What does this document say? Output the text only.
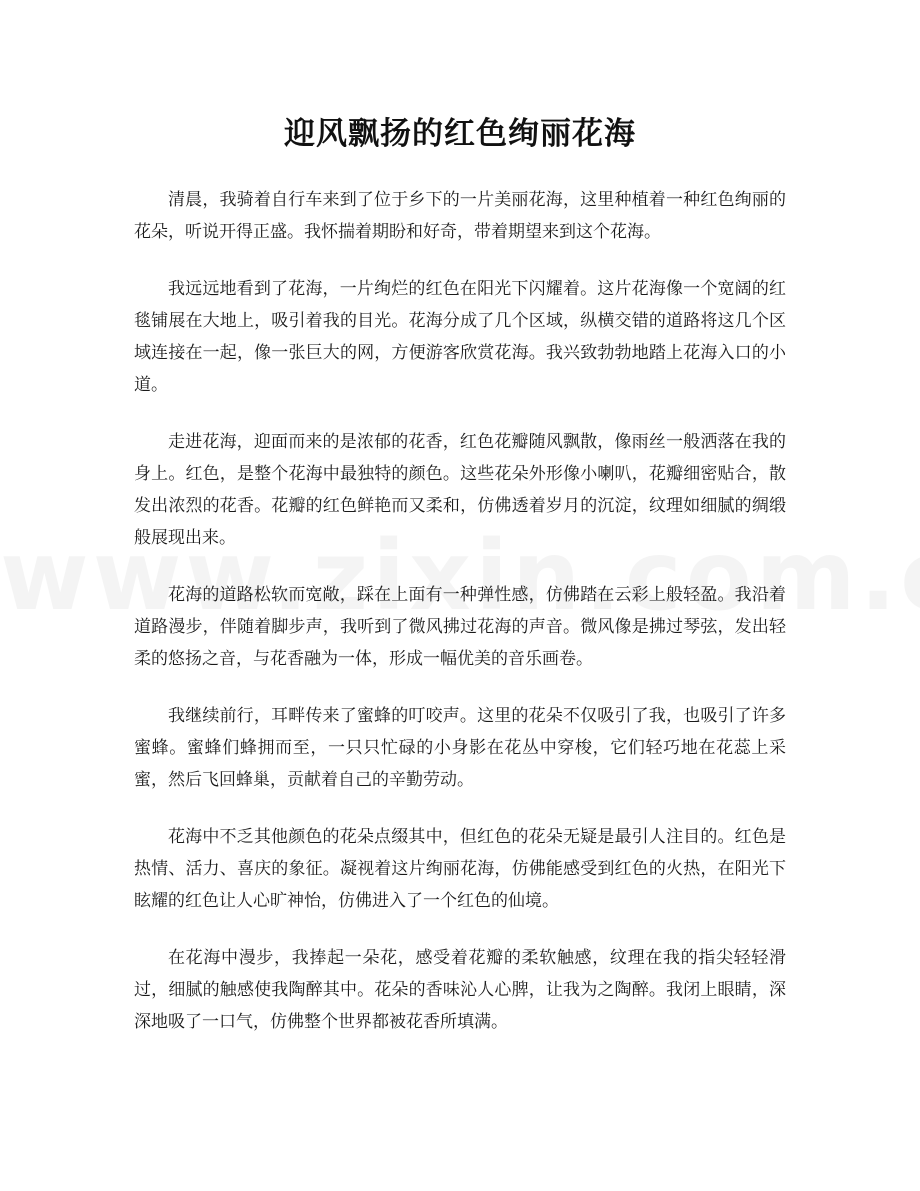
迎风飘扬的红色绚丽花海

清晨，我骑着自行车来到了位于乡下的一片美丽花海，这里种植着一种红色绚丽的花朵，听说开得正盛。我怀揣着期盼和好奇，带着期望来到这个花海。

我远远地看到了花海，一片绚烂的红色在阳光下闪耀着。这片花海像一个宽阔的红毯铺展在大地上，吸引着我的目光。花海分成了几个区域，纵横交错的道路将这几个区域连接在一起，像一张巨大的网，方便游客欣赏花海。我兴致勃勃地踏上花海入口的小道。

走进花海，迎面而来的是浓郁的花香，红色花瓣随风飘散，像雨丝一般洒落在我的身上。红色，是整个花海中最独特的颜色。这些花朵外形像小喇叭，花瓣细密贴合，散发出浓烈的花香。花瓣的红色鲜艳而又柔和，仿佛透着岁月的沉淀，纹理如细腻的绸缎般展现出来。

花海的道路松软而宽敞，踩在上面有一种弹性感，仿佛踏在云彩上般轻盈。我沿着道路漫步，伴随着脚步声，我听到了微风拂过花海的声音。微风像是拂过琴弦，发出轻柔的悠扬之音，与花香融为一体，形成一幅优美的音乐画卷。

我继续前行，耳畔传来了蜜蜂的叮咬声。这里的花朵不仅吸引了我，也吸引了许多蜜蜂。蜜蜂们蜂拥而至，一只只忙碌的小身影在花丛中穿梭，它们轻巧地在花蕊上采蜜，然后飞回蜂巢，贡献着自己的辛勤劳动。

花海中不乏其他颜色的花朵点缀其中，但红色的花朵无疑是最引人注目的。红色是热情、活力、喜庆的象征。凝视着这片绚丽花海，仿佛能感受到红色的火热，在阳光下眩耀的红色让人心旷神怡，仿佛进入了一个红色的仙境。

在花海中漫步，我捧起一朵花，感受着花瓣的柔软触感，纹理在我的指尖轻轻滑过，细腻的触感使我陶醉其中。花朵的香味沁人心脾，让我为之陶醉。我闭上眼睛，深深地吸了一口气，仿佛整个世界都被花香所填满。
